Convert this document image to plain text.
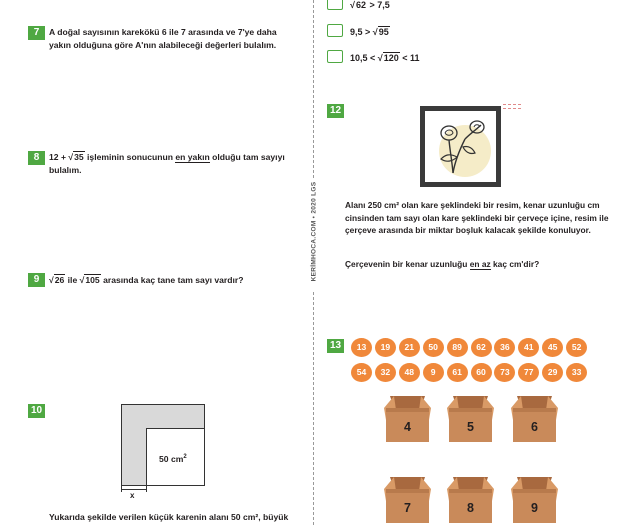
7	A doğal sayısının karekökü 6 ile 7 arasında ve 7'ye daha yakın olduğuna göre A'nın alabileceği değerleri bulalım.
8	12 + √35 işleminin sonucunun en yakın olduğu tam sayıyı bulalım.
9	√26 ile √105 arasında kaç tane tam sayı vardır?
10
50 $cm^2$
x
Yukarıda şekilde verilen küçük karenin alanı 50 cm², büyük
KERİMHOCA.COM • 2020 LGS
√62 > 7,5
9,5 > √95
10,5 < √120 < 11
12
Alanı 250 cm² olan kare şeklindeki bir resim, kenar uzunluğu cm cinsinden tam sayı olan kare şeklindeki bir çerveçe içine, resim ile çerçeve arasında bir miktar boşluk kalacak şekilde konuluyor.
Çerçevenin bir kenar uzunluğu en az kaç cm'dir?
13	13	19	21	50	89	62	36	41	45	52
54	32	48	9	61	60	73	77	29	33
4	5	6
7	8	9
